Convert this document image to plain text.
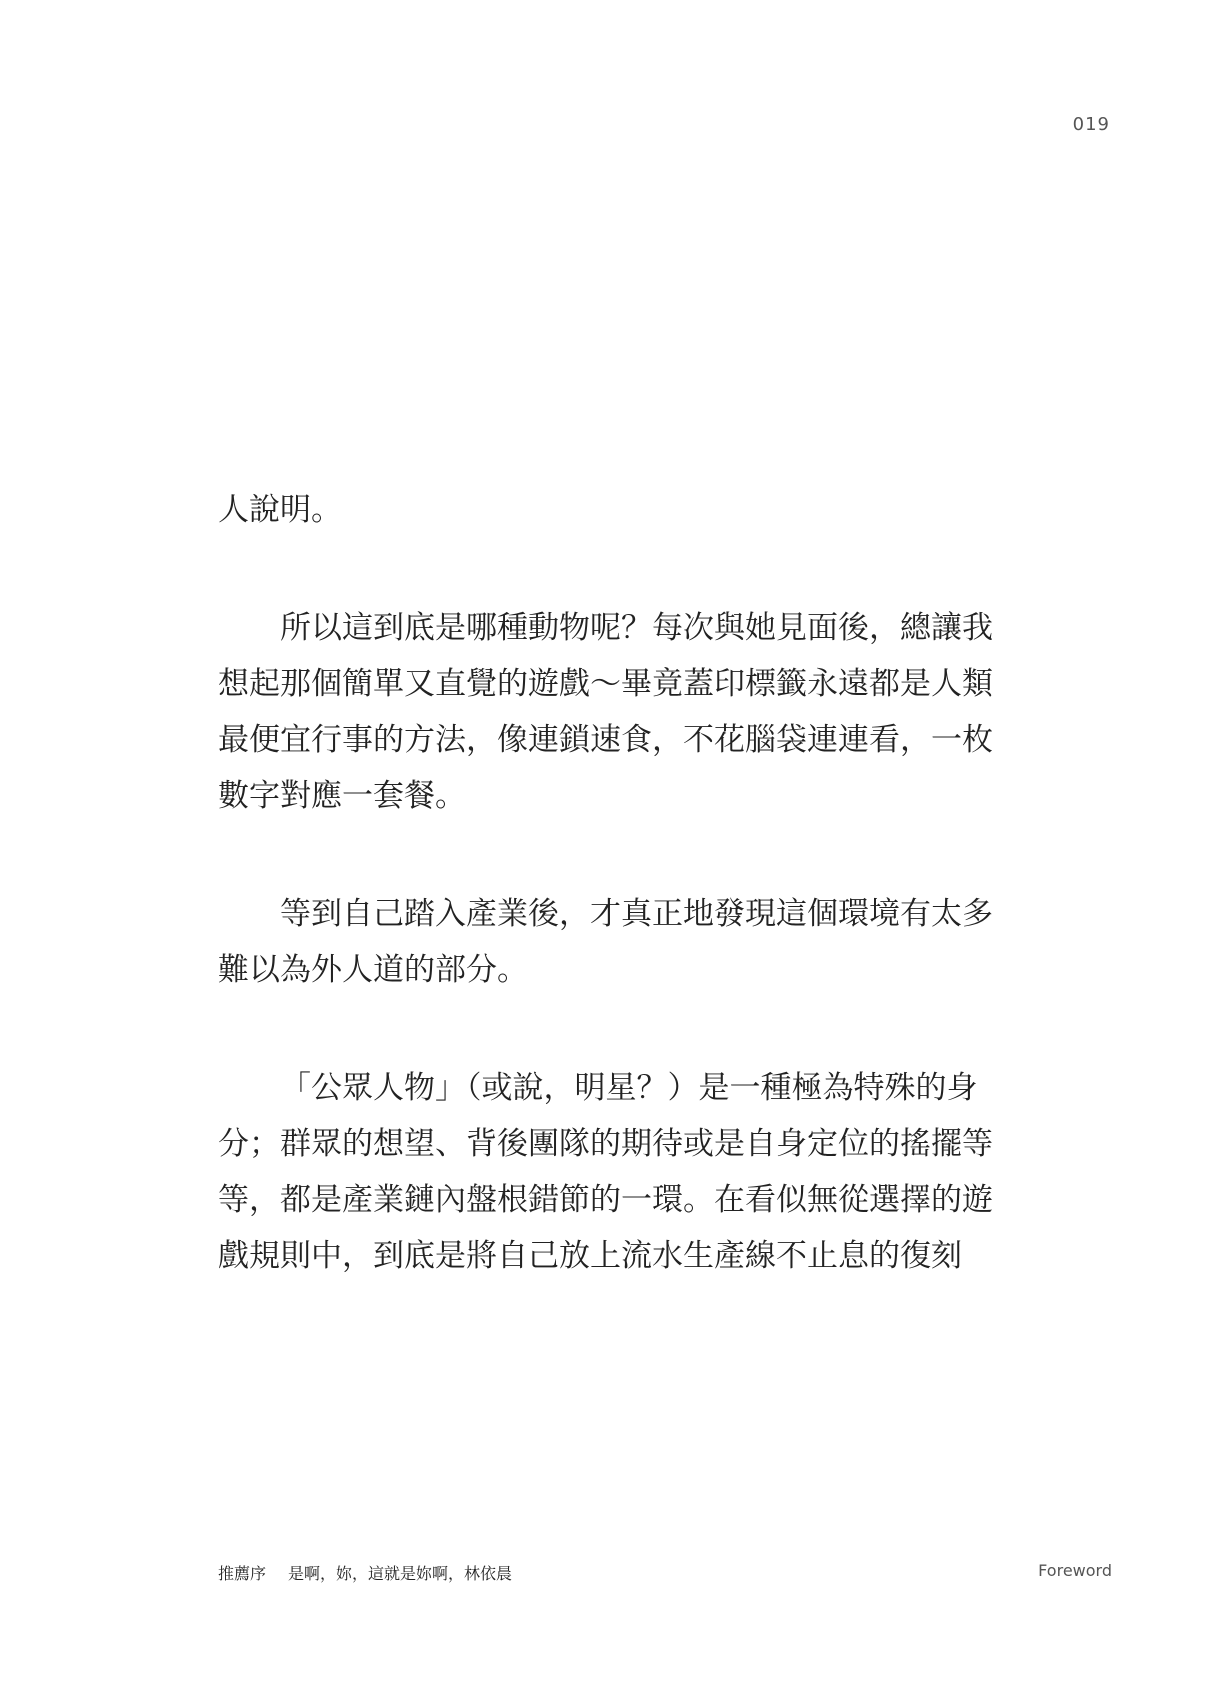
019
人說明。
所以這到底是哪種動物呢？每次與她見面後，總讓我
想起那個簡單又直覺的遊戲～畢竟蓋印標籤永遠都是人類
最便宜行事的方法，像連鎖速食，不花腦袋連連看，一枚
數字對應一套餐。
等到自己踏入產業後，才真正地發現這個環境有太多
難以為外人道的部分。
「公眾人物」（或說，明星？）是一種極為特殊的身
分；群眾的想望、背後團隊的期待或是自身定位的搖擺等
等，都是產業鏈內盤根錯節的一環。在看似無從選擇的遊
戲規則中，到底是將自己放上流水生產線不止息的復刻
推薦序 是啊，妳，這就是妳啊，林依晨	Foreword
